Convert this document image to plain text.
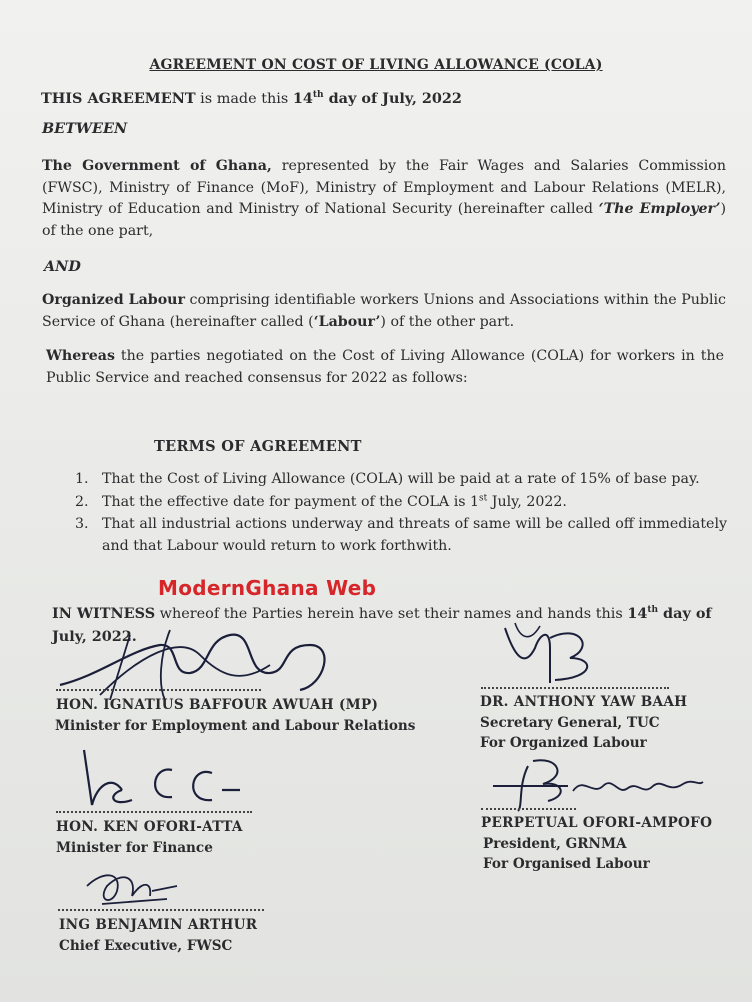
AGREEMENT ON COST OF LIVING ALLOWANCE (COLA)
THIS AGREEMENT is made this 14th day of July, 2022
BETWEEN
The Government of Ghana, represented by the Fair Wages and Salaries Commission (FWSC), Ministry of Finance (MoF), Ministry of Employment and Labour Relations (MELR), Ministry of Education and Ministry of National Security (hereinafter called ‘The Employer’) of the one part,
AND
Organized Labour comprising identifiable workers Unions and Associations within the Public Service of Ghana (hereinafter called (‘Labour’) of the other part.
Whereas the parties negotiated on the Cost of Living Allowance (COLA) for workers in the Public Service and reached consensus for 2022 as follows:
TERMS OF AGREEMENT
1. That the Cost of Living Allowance (COLA) will be paid at a rate of 15% of base pay.
2. That the effective date for payment of the COLA is 1st July, 2022.
3. That all industrial actions underway and threats of same will be called off immediately and that Labour would return to work forthwith.
ModernGhana Web
IN WITNESS whereof the Parties herein have set their names and hands this 14th day of
July, 2022.
HON. IGNATIUS BAFFOUR AWUAH (MP)
Minister for Employment and Labour Relations
DR. ANTHONY YAW BAAH
Secretary General, TUC
For Organized Labour
HON. KEN OFORI-ATTA
Minister for Finance
PERPETUAL OFORI-AMPOFO
President, GRNMA
For Organised Labour
ING BENJAMIN ARTHUR
Chief Executive, FWSC
